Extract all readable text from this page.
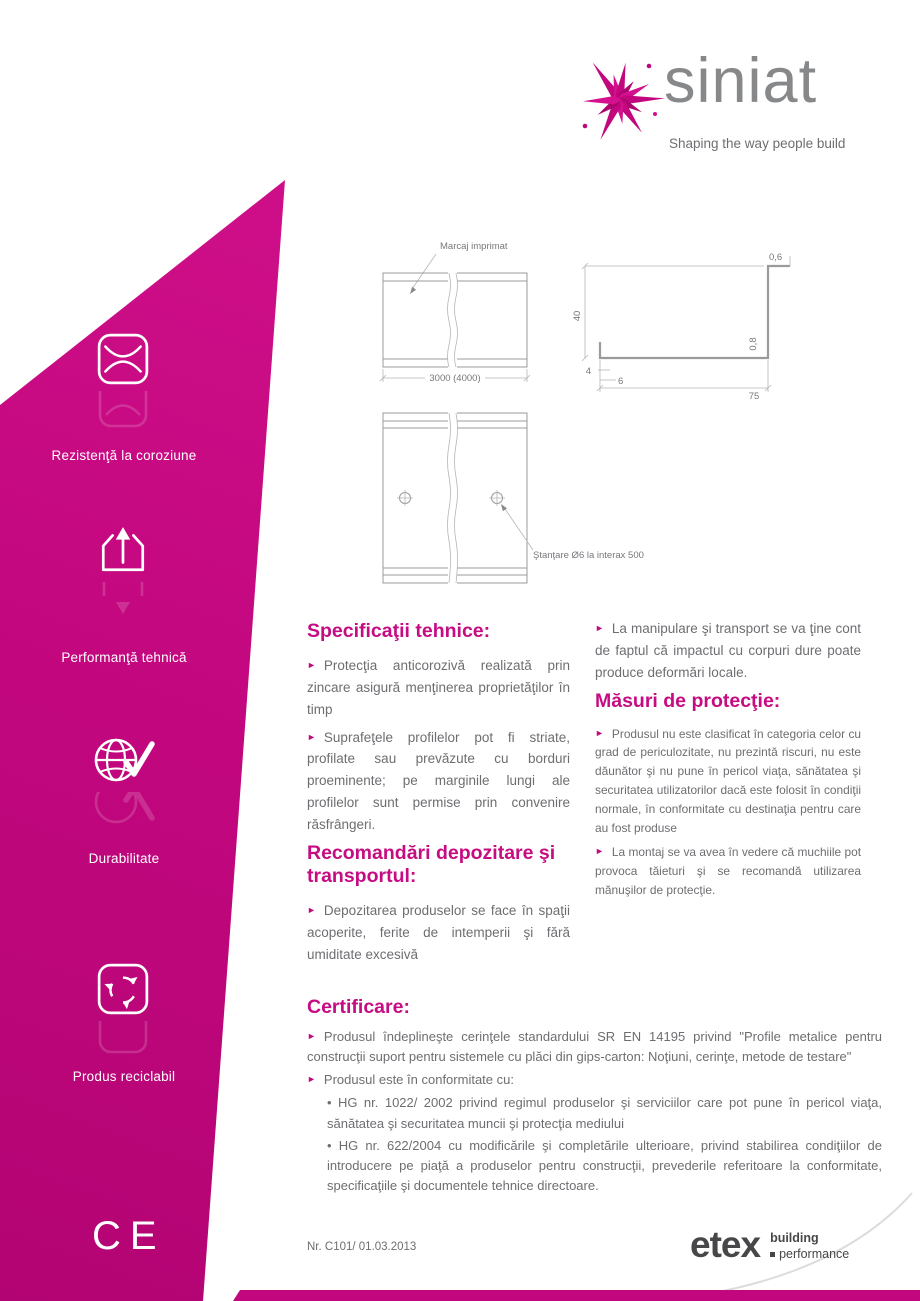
Rezistenţă la coroziune
Performanţă tehnică
Durabilitate
Produs reciclabil
CE
siniat
Shaping the way people build
Marcaj imprimat
3000 (4000)
40
0,6
0,8
4
6
75
Ştanţare Ø6 la interax 500
Specificaţii tehnice:

► Protecţia anticorozivă realizată prin zincare asigură menţinerea proprietăţilor în timp

► Suprafeţele profilelor pot fi striate, profilate sau prevăzute cu borduri proeminente; pe marginile lungi ale profilelor sunt permise prin convenire răsfrângeri.

Recomandări depozitare şi transportul:

► Depozitarea produselor se face în spaţii acoperite, ferite de intemperii şi fără umiditate excesivă

► La manipulare şi transport se va ţine cont de faptul că impactul cu corpuri dure poate produce deformări locale.

Măsuri de protecţie:

► Produsul nu este clasificat în categoria celor cu grad de periculozitate, nu prezintă riscuri, nu este dăunător şi nu pune în pericol viaţa, sănătatea şi securitatea utilizatorilor dacă este folosit în condiţii normale, în conformitate cu destinaţia pentru care au fost produse

► La montaj se va avea în vedere că muchiile pot provoca tăieturi şi se recomandă utilizarea mănuşilor de protecţie.

Certificare:

► Produsul îndeplineşte cerinţele standardului SR EN 14195 privind "Profile metalice pentru construcţii suport pentru sistemele cu plăci din gips-carton: Noţiuni, cerinţe, metode de testare"

► Produsul este în conformitate cu:

• HG nr. 1022/ 2002 privind regimul produselor şi serviciilor care pot pune în pericol viaţa, sănătatea şi securitatea muncii şi protecţia mediului

• HG nr. 622/2004 cu modificările şi completările ulterioare, privind stabilirea condiţiilor de introducere pe piaţă a produselor pentru construcţii, prevederile referitoare la conformitate, specificaţiile şi documentele tehnice directoare.

Nr. C101/ 01.03.2013	etex building
performance
